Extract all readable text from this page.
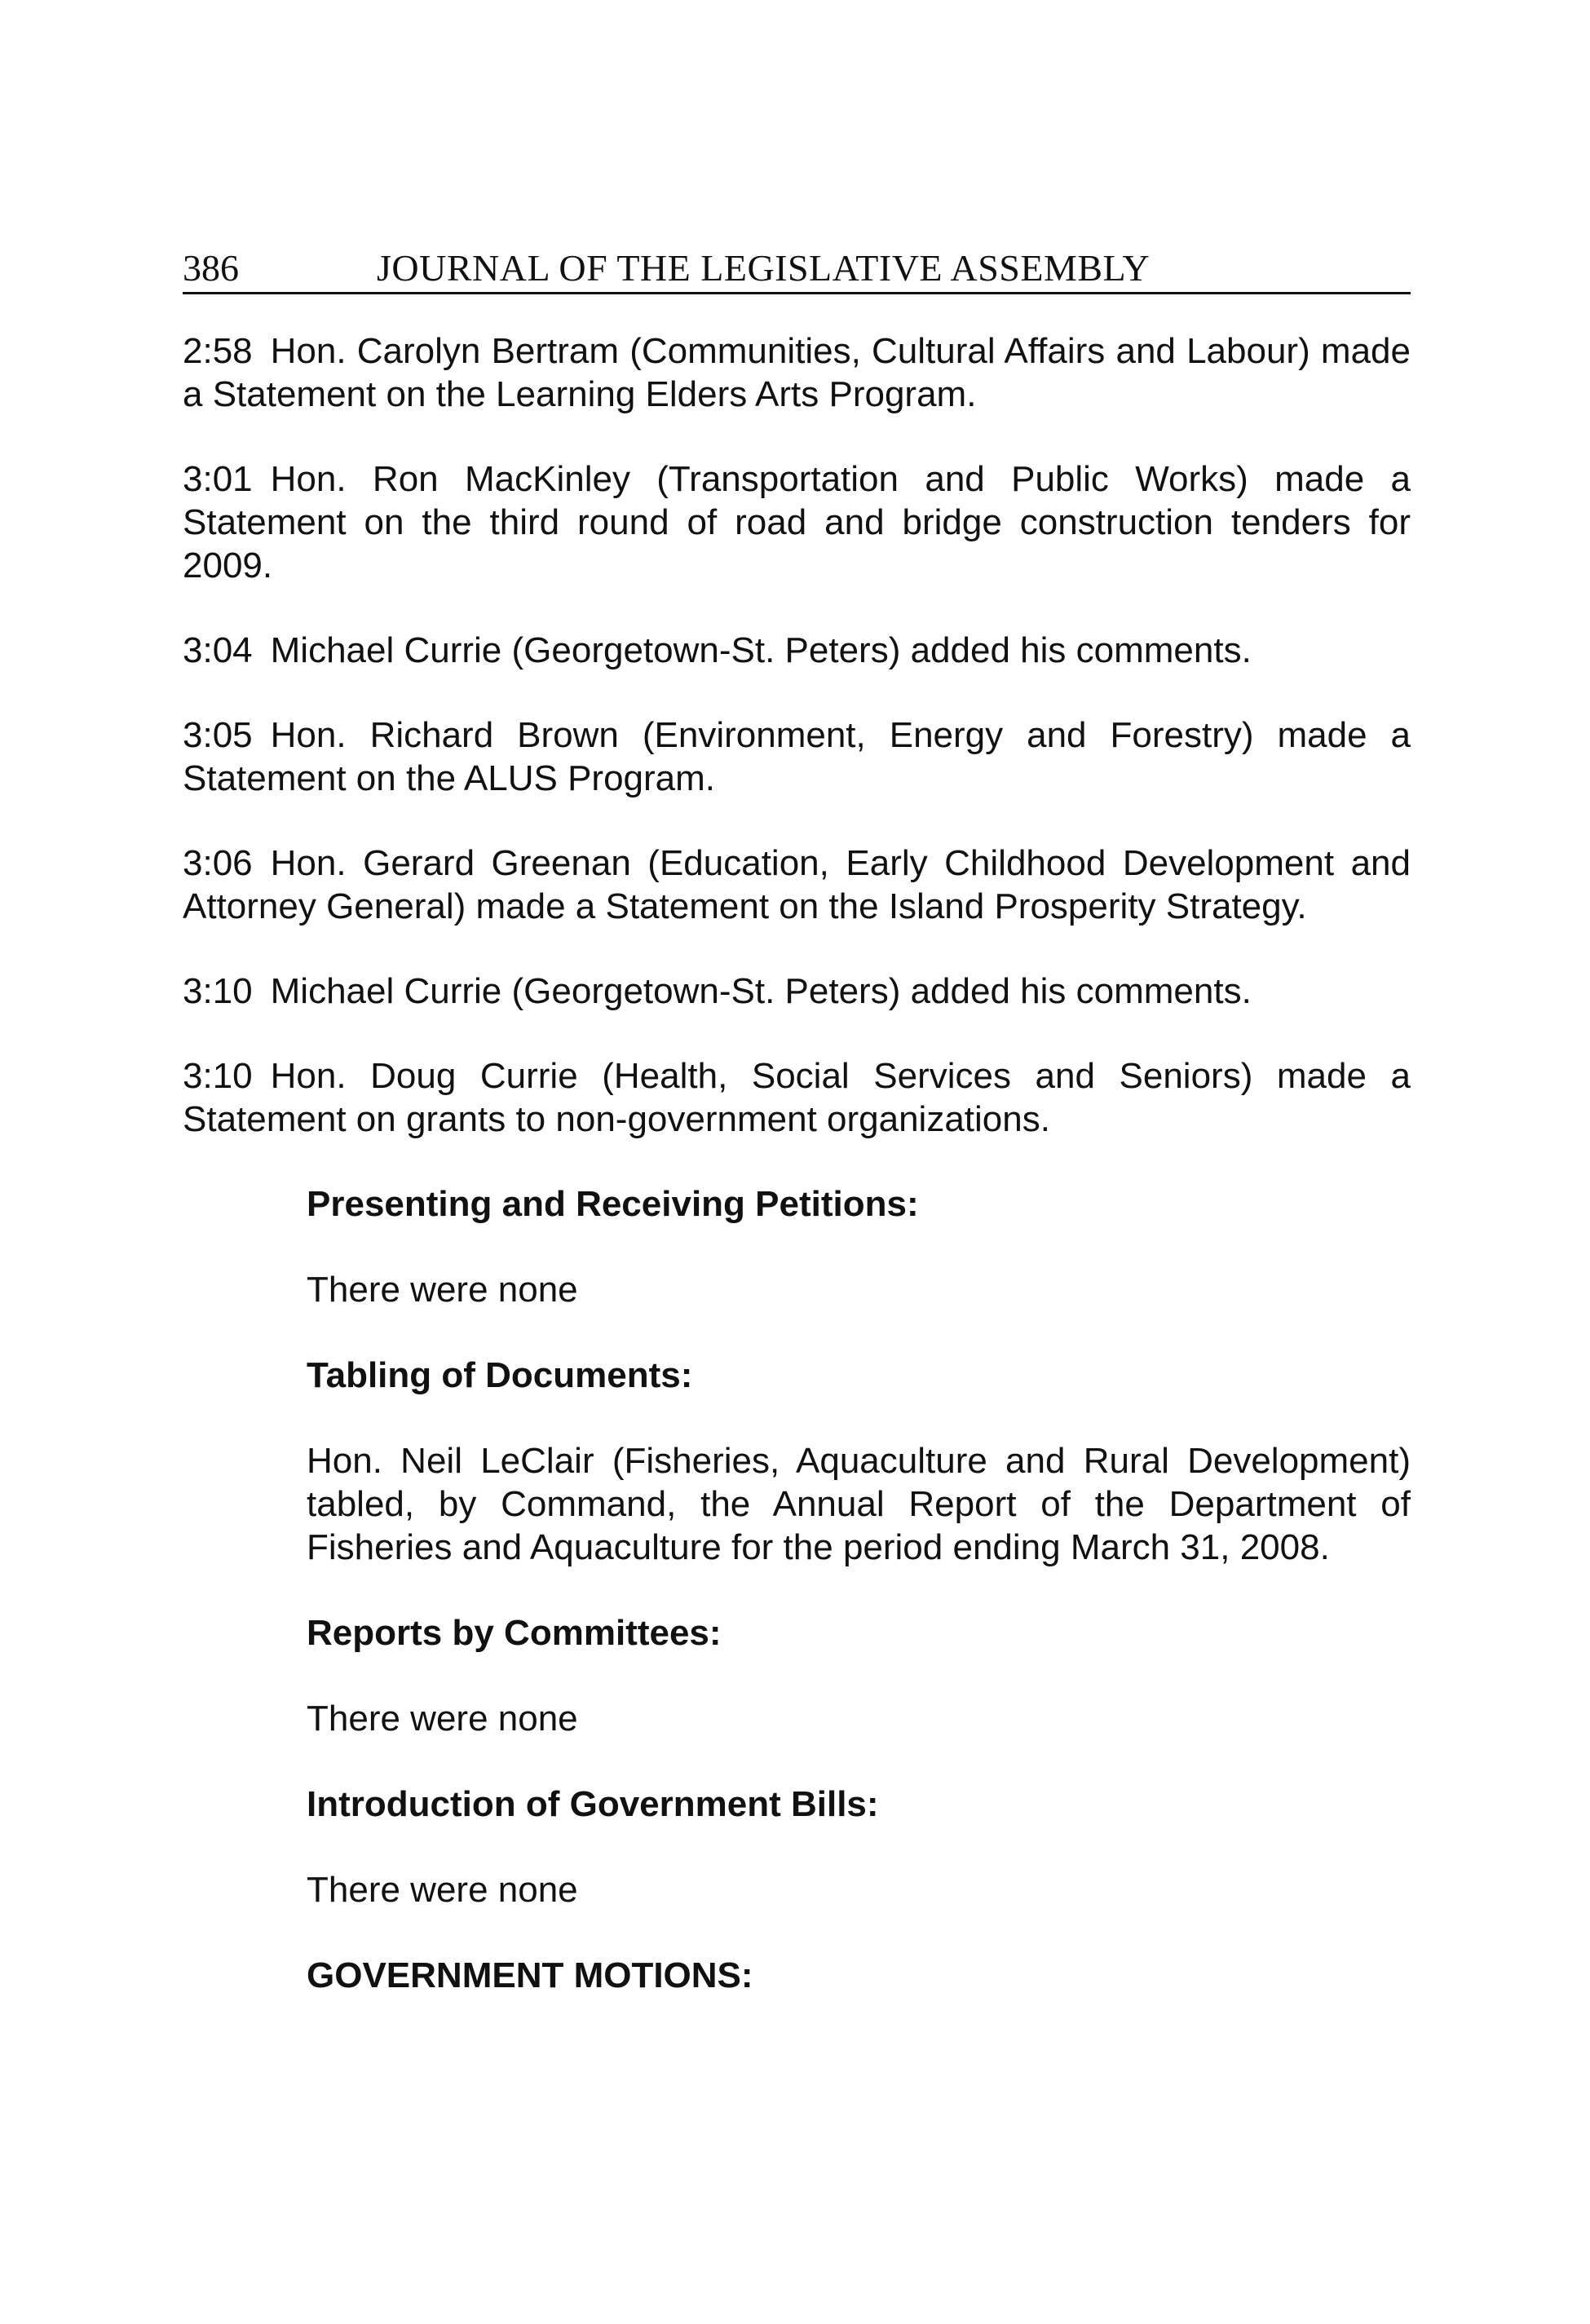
386	JOURNAL OF THE LEGISLATIVE ASSEMBLY

2:58 Hon. Carolyn Bertram (Communities, Cultural Affairs and Labour) made a Statement on the Learning Elders Arts Program.

3:01 Hon. Ron MacKinley (Transportation and Public Works) made a Statement on the third round of road and bridge construction tenders for 2009.

3:04 Michael Currie (Georgetown-St. Peters) added his comments.

3:05 Hon. Richard Brown (Environment, Energy and Forestry) made a Statement on the ALUS Program.

3:06 Hon. Gerard Greenan (Education, Early Childhood Development and Attorney General) made a Statement on the Island Prosperity Strategy.

3:10 Michael Currie (Georgetown-St. Peters) added his comments.

3:10 Hon. Doug Currie (Health, Social Services and Seniors) made a Statement on grants to non-government organizations.

Presenting and Receiving Petitions:
There were none
Tabling of Documents:
Hon. Neil LeClair (Fisheries, Aquaculture and Rural Development) tabled, by Command, the Annual Report of the Department of Fisheries and Aquaculture for the period ending March 31, 2008.
Reports by Committees:
There were none
Introduction of Government Bills:
There were none
GOVERNMENT MOTIONS:
